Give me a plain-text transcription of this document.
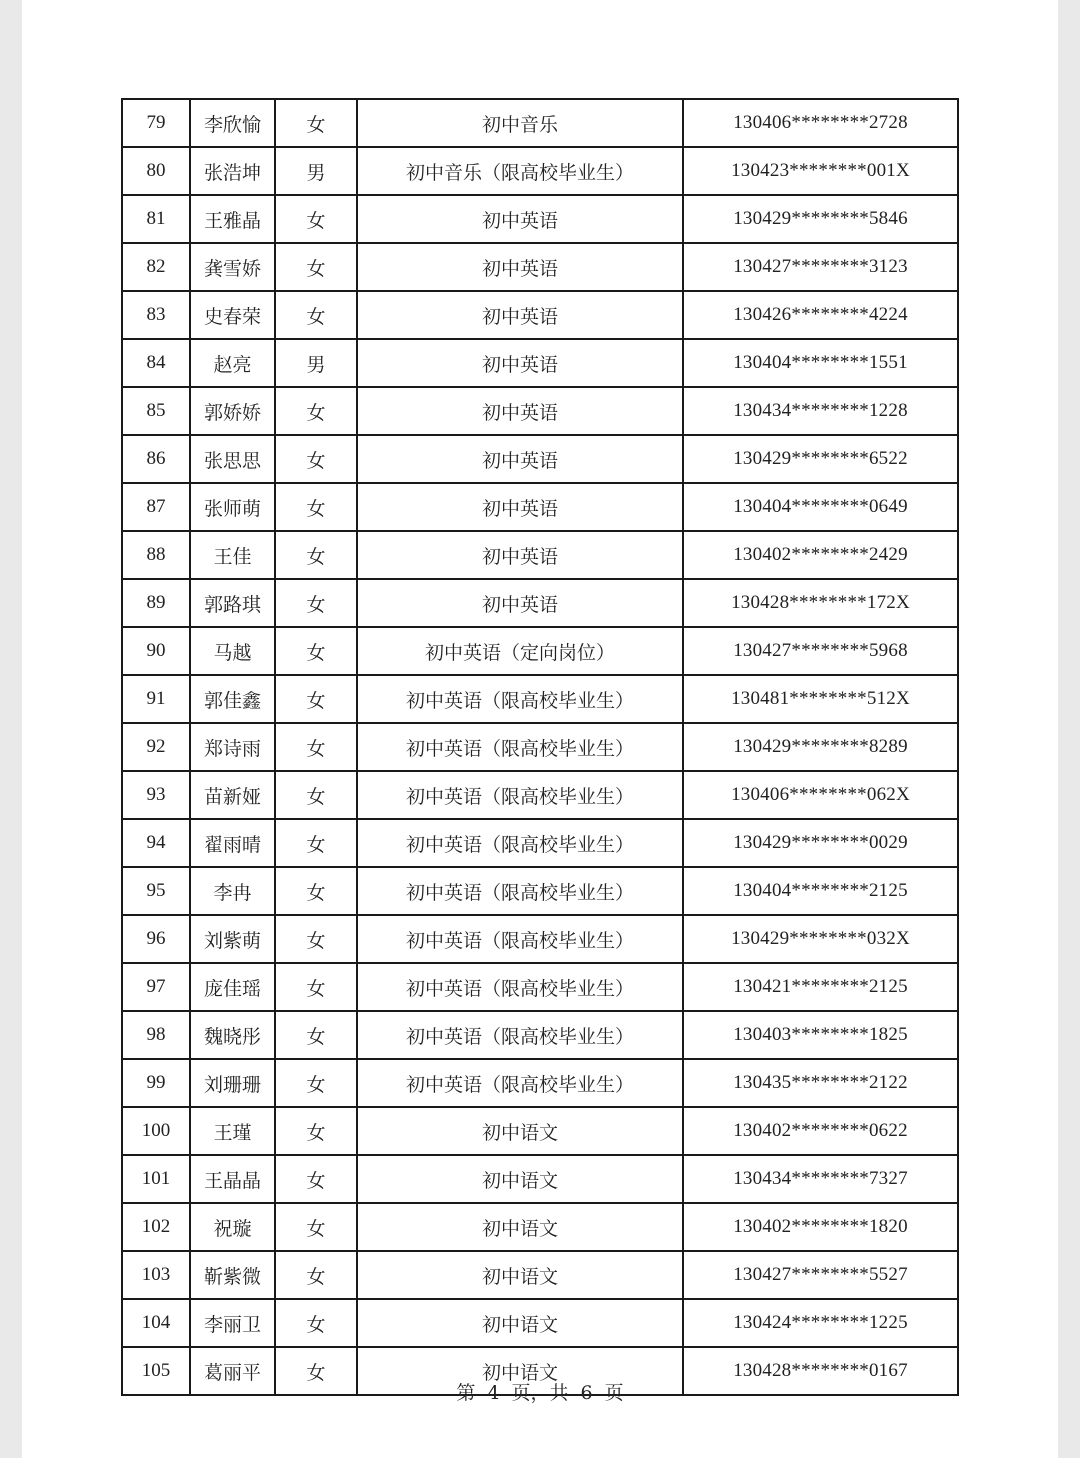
79	李欣愉	女	初中音乐	130406********2728
80	张浩坤	男	初中音乐（限高校毕业生）	130423********001X
81	王雅晶	女	初中英语	130429********5846
82	龚雪娇	女	初中英语	130427********3123
83	史春荣	女	初中英语	130426********4224
84	赵亮	男	初中英语	130404********1551
85	郭娇娇	女	初中英语	130434********1228
86	张思思	女	初中英语	130429********6522
87	张师萌	女	初中英语	130404********0649
88	王佳	女	初中英语	130402********2429
89	郭路琪	女	初中英语	130428********172X
90	马越	女	初中英语（定向岗位）	130427********5968
91	郭佳鑫	女	初中英语（限高校毕业生）	130481********512X
92	郑诗雨	女	初中英语（限高校毕业生）	130429********8289
93	苗新娅	女	初中英语（限高校毕业生）	130406********062X
94	翟雨晴	女	初中英语（限高校毕业生）	130429********0029
95	李冉	女	初中英语（限高校毕业生）	130404********2125
96	刘紫萌	女	初中英语（限高校毕业生）	130429********032X
97	庞佳瑶	女	初中英语（限高校毕业生）	130421********2125
98	魏晓彤	女	初中英语（限高校毕业生）	130403********1825
99	刘珊珊	女	初中英语（限高校毕业生）	130435********2122
100	王瑾	女	初中语文	130402********0622
101	王晶晶	女	初中语文	130434********7327
102	祝璇	女	初中语文	130402********1820
103	靳紫微	女	初中语文	130427********5527
104	李丽卫	女	初中语文	130424********1225
105	葛丽平	女	初中语文	130428********0167
第 4 页，共 6 页
